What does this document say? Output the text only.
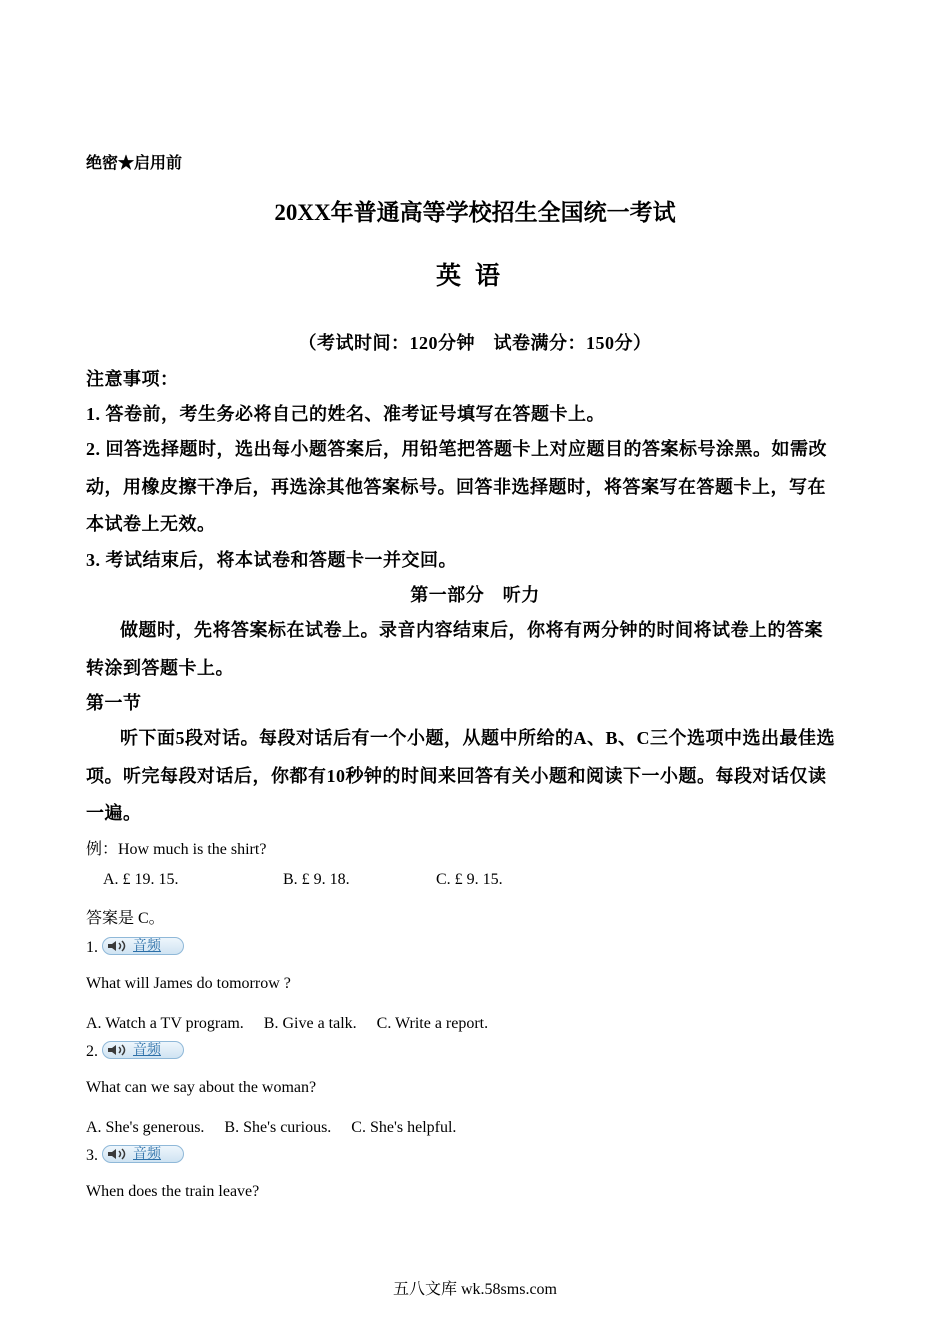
绝密★启用前
20XX年普通高等学校招生全国统一考试
英语
（考试时间：120分钟　试卷满分：150分）
注意事项：
1. 答卷前，考生务必将自己的姓名、准考证号填写在答题卡上。
2. 回答选择题时，选出每小题答案后，用铅笔把答题卡上对应题目的答案标号涂黑。如需改
动，用橡皮擦干净后，再选涂其他答案标号。回答非选择题时，将答案写在答题卡上，写在
本试卷上无效。
3. 考试结束后，将本试卷和答题卡一并交回。
第一部分　听力
做题时，先将答案标在试卷上。录音内容结束后，你将有两分钟的时间将试卷上的答案
转涂到答题卡上。
第一节
听下面5段对话。每段对话后有一个小题，从题中所给的A、B、C三个选项中选出最佳选
项。听完每段对话后，你都有10秒钟的时间来回答有关小题和阅读下一小题。每段对话仅读
一遍。
例：How much is the shirt?
A. £ 19. 15.	B. £ 9. 18.	C. £ 9. 15.
答案是 C。
1.	音频
What will James do tomorrow ?
A. Watch a TV program.　 B. Give a talk.　 C. Write a report.
2.	音频
What can we say about the woman?
A. She's generous.　 B. She's curious.　 C. She's helpful.
3.	音频
When does the train leave?
五八文库 wk.58sms.com
